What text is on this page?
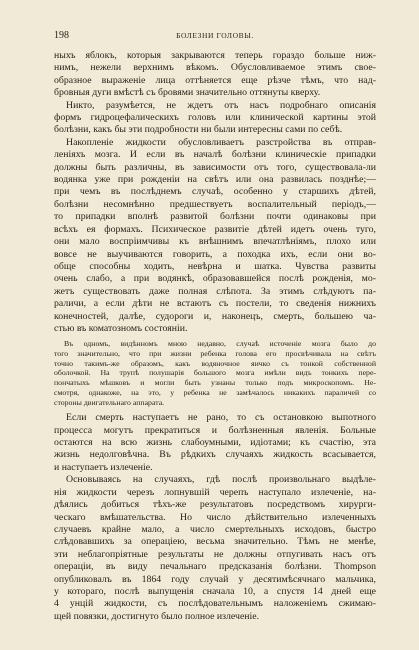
198	БОЛЕЗНИ ГОЛОВЫ.
ныхъ яблокъ, которыя закрываются теперь гораздо больше ниж-
нимъ, нежели верхнимъ вѣкомъ. Обусловливаемое этимъ свое-
образное выраженіе лица оттѣняется еще рѣзче тѣмъ, что над-
бровныя дуги вмѣстѣ съ бровями значительно оттянуты кверху.
Никто, разумѣется, не ждетъ отъ насъ подробнаго описанія
формъ гидроцефалическихъ головъ или клинической картины этой
болѣзни, какъ бы эти подробности ни были интересны сами по себѣ.
Накопленіе жидкости обусловливаетъ разстройства въ отправ-
леніяхъ мозга. И если въ началѣ болѣзни клиническіе припадки
должны быть различны, въ зависимости отъ того, существовала-ли
водянка уже при рожденіи на свѣтъ или она развилась позднѣе;—
при чемъ въ послѣднемъ случаѣ, особенно у старшихъ дѣтей,
болѣзни несомнѣнно предшествуетъ воспалительный періодъ,—
то припадки вполнѣ развитой болѣзни почти одинаковы при
всѣхъ ея формахъ. Психическое развитіе дѣтей идетъ очень туго,
они мало воспріимчивы къ внѣшнимъ впечатлѣніямъ, плохо или
вовсе не выучиваются говорить, а походка ихъ, если они во-
обще способны ходить, невѣрна и шатка. Чувства развиты
очень слабо, а при водянкѣ, образовавшейся послѣ рожденія, мо-
жетъ существовать даже полная слѣпота. За этимъ слѣдуютъ па-
раличи, а если дѣти не встаютъ съ постели, то сведенія нижнихъ
конечностей, далѣе, судороги и, наконецъ, смерть, большею ча-
стью въ коматозномъ состояніи.
Въ одномъ, видѣнномъ мною недавно, случаѣ источеніе мозга было до
того значительно, что при жизни ребенка голова его просвѣчивала на свѣтъ
точно такимъ-же образомъ, какъ водяночное яичко съ тонкой собственной
оболочкой. На трупѣ полушарія большого мозга имѣли видъ тонкихъ пере-
пончатыхъ мѣшковъ и могли быть узнаны только подъ микроскопомъ. Не-
смотря, однакоже, на это, у ребенка не замѣчалось никакихъ параличей со
стороны двигательнаго аппарата.
Если смерть наступаетъ не рано, то съ остановкою выпотного
процесса могутъ прекратиться и болѣзненныя явленія. Больные
остаются на всю жизнь слабоумными, идіотами; къ счастію, эта
жизнь недолговѣчна. Въ рѣдкихъ случаяхъ жидкость всасывается,
и наступаетъ излеченіе.
Основываясь на случаяхъ, гдѣ послѣ произвольнаго выдѣле-
нія жидкости черезъ лопнувшій черепъ наступало излеченіе, на-
дѣялись добиться тѣхъ-же результатовъ посредствомъ хирурги-
ческаго вмѣшательства. Но число дѣйствительно излеченныхъ
случаевъ крайне мало, а число смертельныхъ исходовъ, быстро
слѣдовавшихъ за операціею, весьма значительно. Тѣмъ не менѣе,
эти неблагопріятные результаты не должны отпугивать насъ отъ
операціи, въ виду печальнаго предсказанія болѣзни. Thompson
опубликовалъ въ 1864 году случай у десятимѣсячнаго мальчика,
у котораго, послѣ выпущенія сначала 10, а спустя 14 дней еще
4 унцій жидкости, съ послѣдовательнымъ наложеніемъ сжимаю-
щей повязки, достигнуто было полное излеченіе.
